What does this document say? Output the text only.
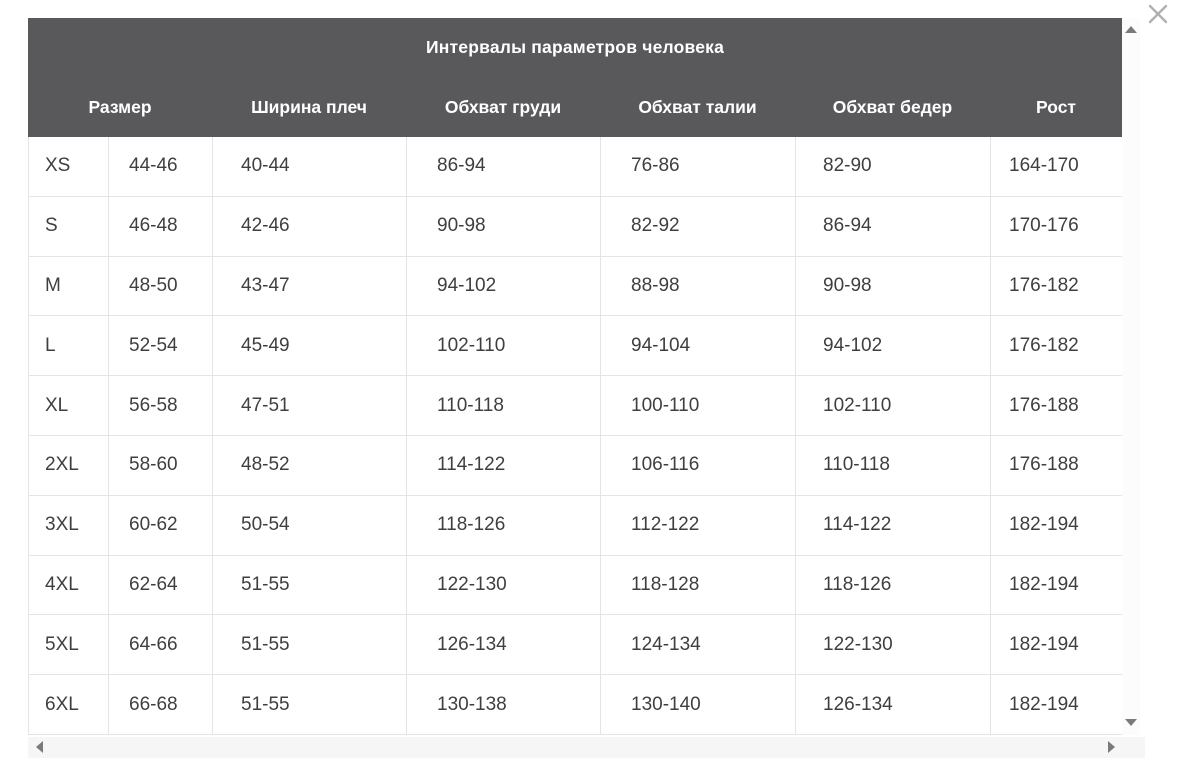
Интервалы параметров человека
Размер	Ширина плеч	Обхват груди	Обхват талии	Обхват бедер	Рост
XS	44-46	40-44	86-94	76-86	82-90	164-170
S	46-48	42-46	90-98	82-92	86-94	170-176
M	48-50	43-47	94-102	88-98	90-98	176-182
L	52-54	45-49	102-110	94-104	94-102	176-182
XL	56-58	47-51	110-118	100-110	102-110	176-188
2XL	58-60	48-52	114-122	106-116	110-118	176-188
3XL	60-62	50-54	118-126	112-122	114-122	182-194
4XL	62-64	51-55	122-130	118-128	118-126	182-194
5XL	64-66	51-55	126-134	124-134	122-130	182-194
6XL	66-68	51-55	130-138	130-140	126-134	182-194
